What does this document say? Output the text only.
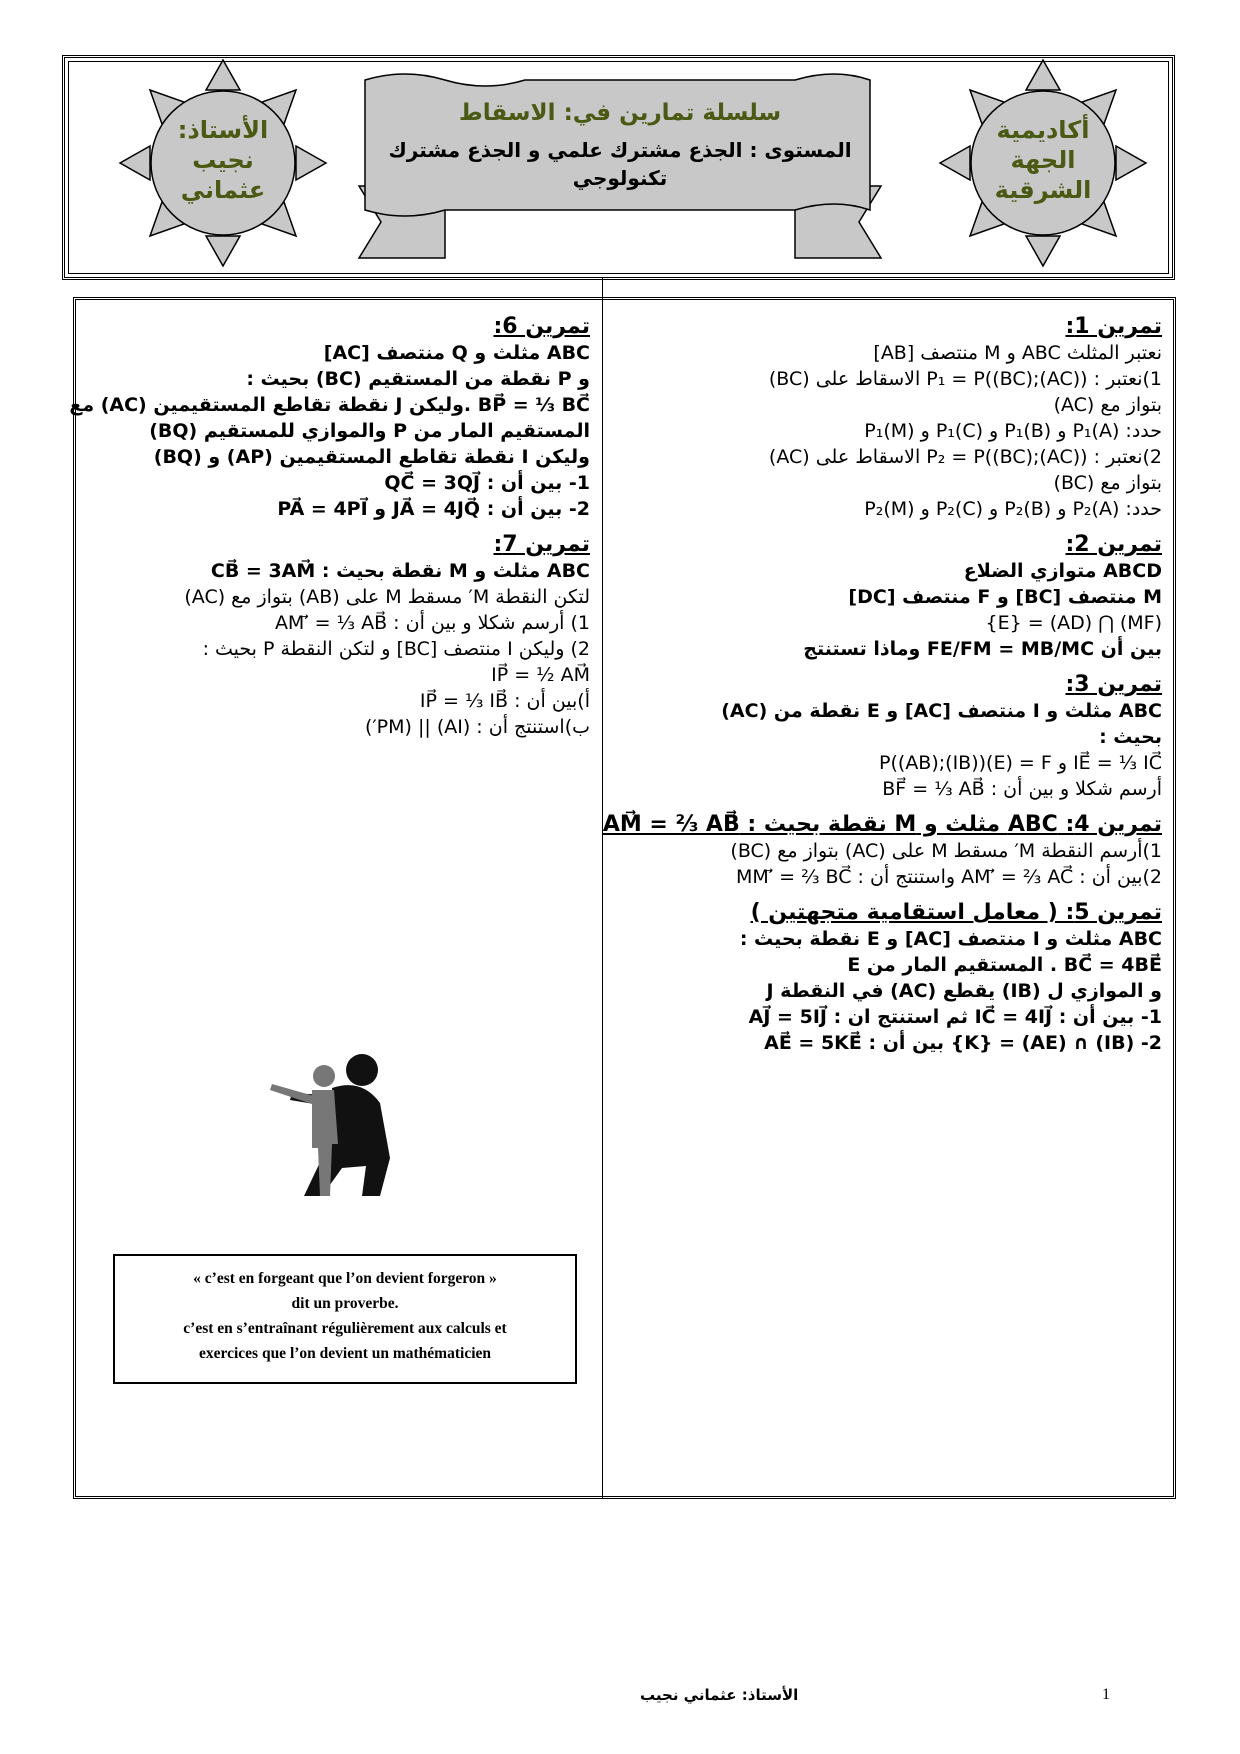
الأستاذ:
نجيب
عثماني
أكاديمية
الجهة
الشرقية
سلسلة تمارين في: الاسقاط
المستوى : الجذع مشترك علمي و الجذع مشترك
تكنولوجي
تمرين 1:
نعتبر المثلث ABC و M منتصف [AB]
1)نعتبر : P₁ = P((BC);(AC)) الاسقاط على (BC)
بتواز مع (AC)
حدد: P₁(A) و P₁(B) و P₁(C) و P₁(M)
2)نعتبر : P₂ = P((BC);(AC)) الاسقاط على (AC)
بتواز مع (BC)
حدد: P₂(A) و P₂(B) و P₂(C) و P₂(M)
تمرين 2:
ABCD متوازي الضلاع
M منتصف [BC] و F منتصف [DC]
(MF) ⋂ (AD) = {E}
بين أن FE/FM = MB/MC وماذا تستنتج
تمرين 3:
ABC مثلث و I منتصف [AC] و E نقطة من (AC)
بحيث :
IE⃗ = ⅓ IC⃗ و P((AB);(IB))(E) = F
أرسم شكلا و بين أن : BF⃗ = ⅓ AB⃗
تمرين 4: ABC مثلث و M نقطة بحيث : AM⃗ = ⅔ AB⃗
1)أرسم النقطة M′ مسقط M على (AC) بتواز مع (BC)
2)بين أن : AM′⃗ = ⅔ AC⃗ واستنتج أن : MM′⃗ = ⅔ BC⃗
تمرين 5: ( معامل استقامية متجهتين )
ABC مثلث و I منتصف [AC] و E نقطة بحيث :
BC⃗ = 4BE⃗ . المستقيم المار من E
و الموازي ل (IB) يقطع (AC) في النقطة J
1- بين أن : IC⃗ = 4IJ⃗ ثم استنتج ان : AJ⃗ = 5IJ⃗
2- (IB) ∩ (AE) = {K} بين أن : AE⃗ = 5KE⃗
تمرين 6:
ABC مثلث و Q منتصف [AC]
و P نقطة من المستقيم (BC) بحيث :
BP⃗ = ⅓ BC⃗ .وليكن J نقطة تقاطع المستقيمين (AC) مع
المستقيم المار من P والموازي للمستقيم (BQ)
وليكن I نقطة تقاطع المستقيمين (AP) و (BQ)
1- بين أن : QC⃗ = 3QJ⃗
2- بين أن : JA⃗ = 4JQ⃗ و PA⃗ = 4PI⃗
تمرين 7:
ABC مثلث و M نقطة بحيث : CB⃗ = 3AM⃗
لتكن النقطة M′ مسقط M على (AB) بتواز مع (AC)
1) أرسم شكلا و بين أن : AM′⃗ = ⅓ AB⃗
2) وليكن I منتصف [BC] و لتكن النقطة P بحيث :
IP⃗ = ½ AM⃗
أ)بين أن : IP⃗ = ⅓ IB⃗
ب)استنتج أن : (AI) || (PM′)
« c’est en forgeant que l’on devient forgeron »
dit un proverbe.
c’est en s’entraînant régulièrement aux calculs et
exercices que l’on devient un mathématicien
الأستاذ: عثماني نجيب	1
